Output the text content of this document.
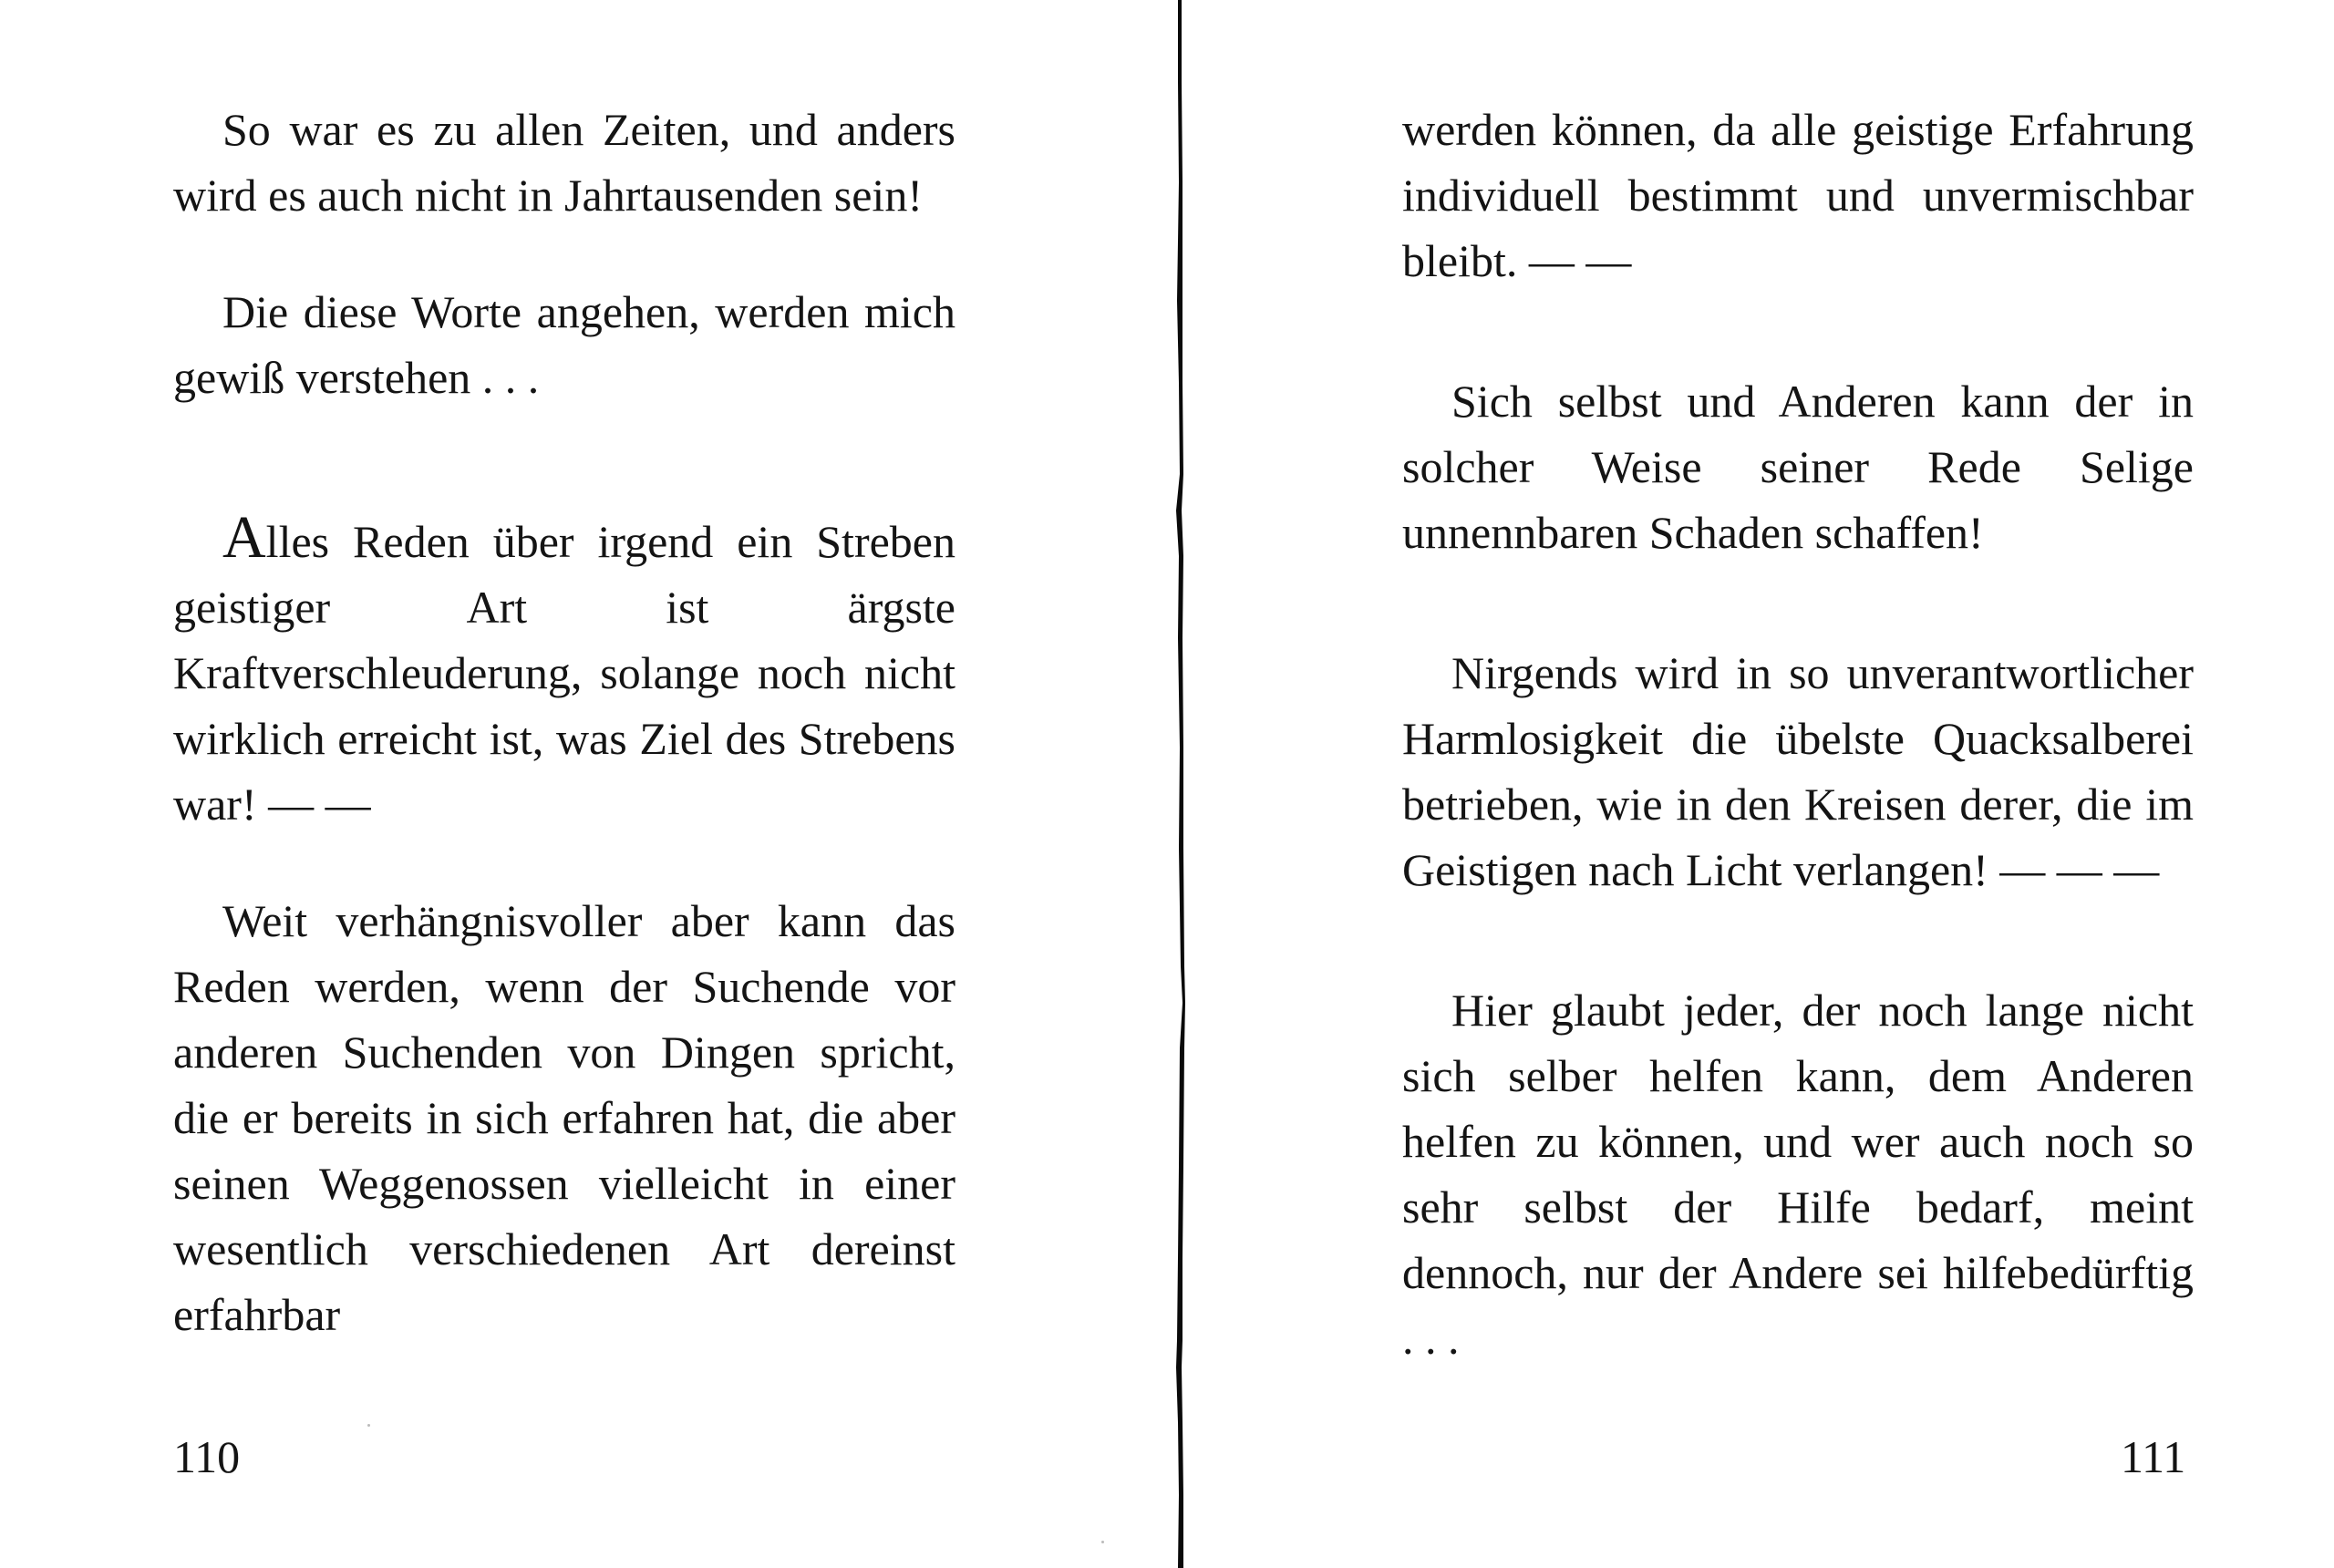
So war es zu allen Zeiten, und anders wird es auch nicht in Jahrtausenden sein!

Die diese Worte angehen, werden mich gewiß verstehen . . .

Alles Reden über irgend ein Streben geistiger Art ist ärgste Kraftverschleuderung, solange noch nicht wirklich erreicht ist, was Ziel des Strebens war! — —

Weit verhängnisvoller aber kann das Reden werden, wenn der Suchende vor anderen Suchenden von Dingen spricht, die er bereits in sich erfahren hat, die aber seinen Weggenossen vielleicht in einer wesentlich verschiedenen Art dereinst erfahrbar

110

werden können, da alle geistige Erfahrung individuell bestimmt und unvermischbar bleibt. — —

Sich selbst und Anderen kann der in solcher Weise seiner Rede Selige unnennbaren Schaden schaffen!

Nirgends wird in so unverantwortlicher Harmlosigkeit die übelste Quacksalberei betrieben, wie in den Kreisen derer, die im Geistigen nach Licht verlangen! — — —

Hier glaubt jeder, der noch lange nicht sich selber helfen kann, dem Anderen helfen zu können, und wer auch noch so sehr selbst der Hilfe bedarf, meint dennoch, nur der Andere sei hilfebedürftig . . .

111
